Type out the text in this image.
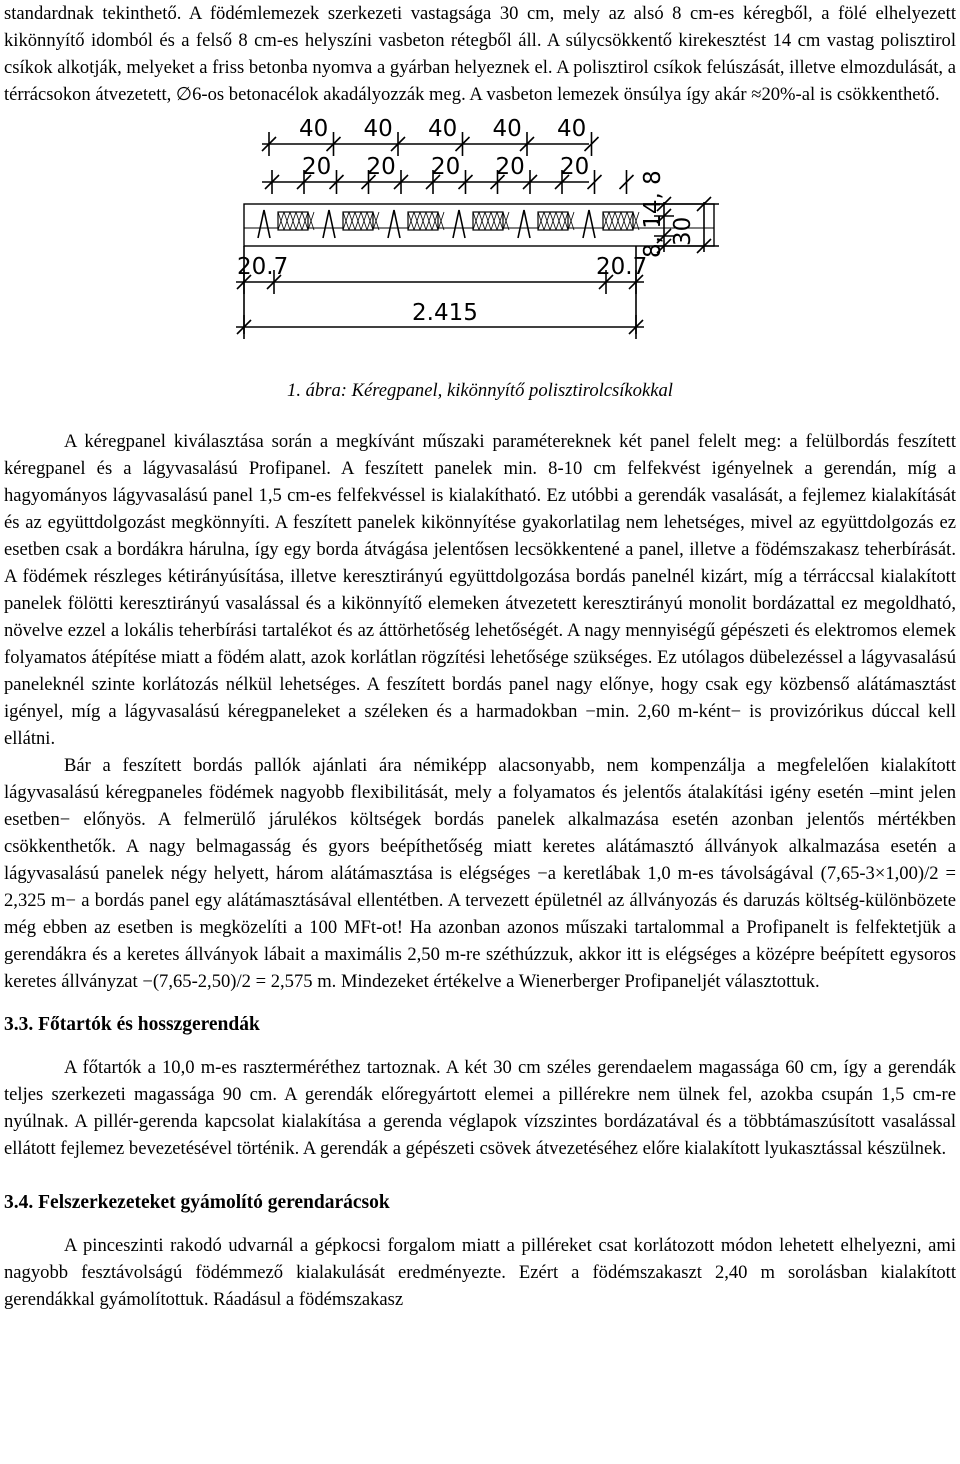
standardnak tekinthető. A födémlemezek szerkezeti vastagsága 30 cm, mely az alsó 8 cm-es kéregből, a fölé elhelyezett kikönnyítő idomból és a felső 8 cm-es helyszíni vasbeton rétegből áll. A súlycsökkentő kirekesztést 14 cm vastag polisztirol csíkok alkotják, melyeket a friss betonba nyomva a gyárban helyeznek el. A polisztirol csíkok felúszását, illetve elmozdulását, a térrácsokon átvezetett, ∅6-os betonacélok akadályozzák meg. A vasbeton lemezek önsúlya így akár ≈20%-al is csökkenthető.

40 40 40 40 40
20 20 20 20 20
20.7	20.7
2.415
30
8, 14, 8

1. ábra: Kéregpanel, kikönnyítő polisztirolcsíkokkal

A kéregpanel kiválasztása során a megkívánt műszaki paramétereknek két panel felelt meg: a felülbordás feszített kéregpanel és a lágyvasalású Profipanel. A feszített panelek min. 8-10 cm felfekvést igényelnek a gerendán, míg a hagyományos lágyvasalású panel 1,5 cm-es felfekvéssel is kialakítható. Ez utóbbi a gerendák vasalását, a fejlemez kialakítását és az együttdolgozást megkönnyíti. A feszített panelek kikönnyítése gyakorlatilag nem lehetséges, mivel az együttdolgozás ez esetben csak a bordákra hárulna, így egy borda átvágása jelentősen lecsökkentené a panel, illetve a födémszakasz teherbírását. A födémek részleges kétirányúsítása, illetve keresztirányú együttdolgozása bordás panelnél kizárt, míg a térráccsal kialakított panelek fölötti keresztirányú vasalással és a kikönnyítő elemeken átvezetett keresztirányú monolit bordázattal ez megoldható, növelve ezzel a lokális teherbírási tartalékot és az áttörhetőség lehetőségét. A nagy mennyiségű gépészeti és elektromos elemek folyamatos átépítése miatt a födém alatt, azok korlátlan rögzítési lehetősége szükséges. Ez utólagos dübelezéssel a lágyvasalású paneleknél szinte korlátozás nélkül lehetséges. A feszített bordás panel nagy előnye, hogy csak egy közbenső alátámasztást igényel, míg a lágyvasalású kéregpaneleket a széleken és a harmadokban −min. 2,60 m-ként− is provizórikus dúccal kell ellátni.

Bár a feszített bordás pallók ajánlati ára némiképp alacsonyabb, nem kompenzálja a megfelelően kialakított lágyvasalású kéregpaneles födémek nagyobb flexibilitását, mely a folyamatos és jelentős átalakítási igény esetén –mint jelen esetben− előnyös. A felmerülő járulékos költségek bordás panelek alkalmazása esetén azonban jelentős mértékben csökkenthetők. A nagy belmagasság és gyors beépíthetőség miatt keretes alátámasztó állványok alkalmazása esetén a lágyvasalású panelek négy helyett, három alátámasztása is elégséges −a keretlábak 1,0 m-es távolságával (7,65-3×1,00)/2 = 2,325 m− a bordás panel egy alátámasztásával ellentétben. A tervezett épületnél az állványozás és daruzás költség-különbözete még ebben az esetben is megközelíti a 100 MFt-ot! Ha azonban azonos műszaki tartalommal a Profipanelt is felfektetjük a gerendákra és a keretes állványok lábait a maximális 2,50 m-re széthúzzuk, akkor itt is elégséges a középre beépített egysoros keretes állványzat −(7,65-2,50)/2 = 2,575 m. Mindezeket értékelve a Wienerberger Profipaneljét választottuk.

3.3. Főtartók és hosszgerendák

A főtartók a 10,0 m-es raszterméréthez tartoznak. A két 30 cm széles gerendaelem magassága 60 cm, így a gerendák teljes szerkezeti magassága 90 cm. A gerendák előregyártott elemei a pillérekre nem ülnek fel, azokba csupán 1,5 cm-re nyúlnak. A pillér-gerenda kapcsolat kialakítása a gerenda véglapok vízszintes bordázatával és a többtámaszúsított vasalással ellátott fejlemez bevezetésével történik. A gerendák a gépészeti csövek átvezetéséhez előre kialakított lyukasztással készülnek.

3.4. Felszerkezeteket gyámolító gerendarácsok

A pinceszinti rakodó udvarnál a gépkocsi forgalom miatt a pilléreket csat korlátozott módon lehetett elhelyezni, ami nagyobb fesztávolságú födémmező kialakulását eredményezte. Ezért a födémszakaszt 2,40 m sorolásban kialakított gerendákkal gyámolítottuk. Ráadásul a födémszakasz
